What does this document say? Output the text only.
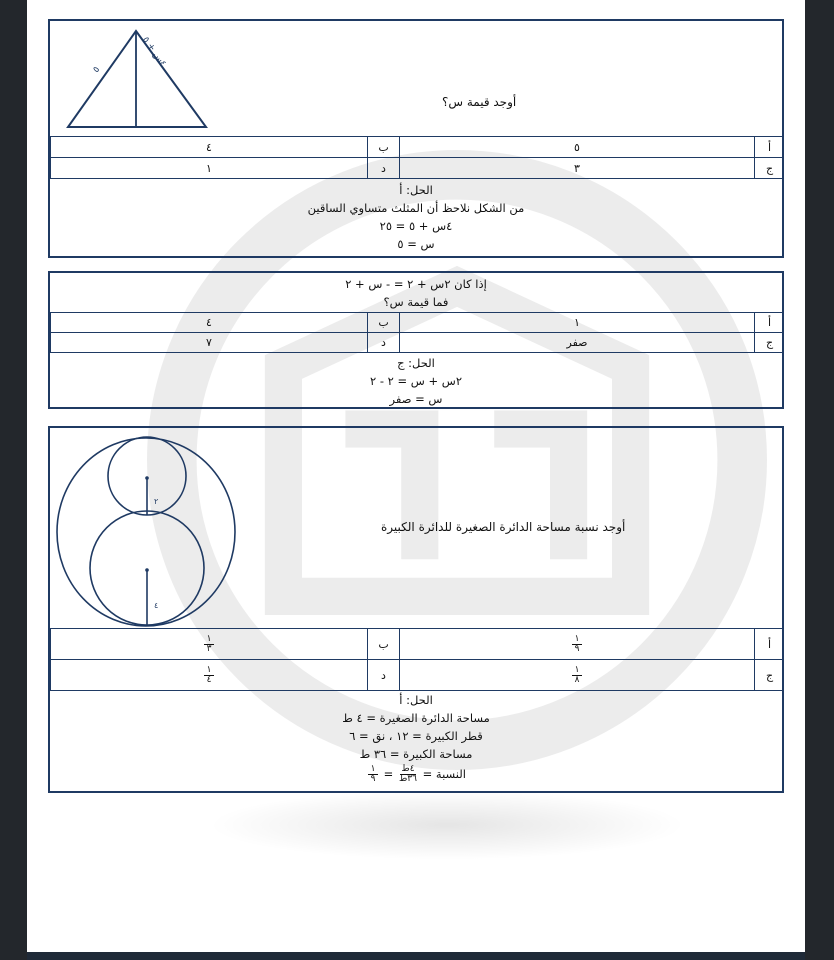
٥
٤س + ٥
أوجد قيمة س؟
٤	ب	٥	أ
١	د	٣	ج
الحل: أ
من الشكل نلاحظ أن المثلث متساوي الساقين
٤س + ٥ = ٢٥
س = ٥
إذا كان ٢س + ٢ = - س + ٢
فما قيمة س؟
٤	ب	١	أ
٧	د	صفر	ج
الحل: ج
٢س + س = ٢ - ٢
س = صفر
٢
٤
أوجد نسبة مساحة الدائرة الصغيرة للدائرة الكبيرة
$\frac{١}{٣}$	ب	$\frac{١}{٩}$	أ
$\frac{١}{٤}$	د	$\frac{١}{٨}$	ج
الحل: أ
مساحة الدائرة الصغيرة = ٤ ط
قطر الكبيرة = ١٢ ، نق = ٦
مساحة الكبيرة = ٣٦ ط
النسبة =
$\frac{\text{٤ط}}{\text{٣٦ط}}$
=
$\frac{١}{٩}$
